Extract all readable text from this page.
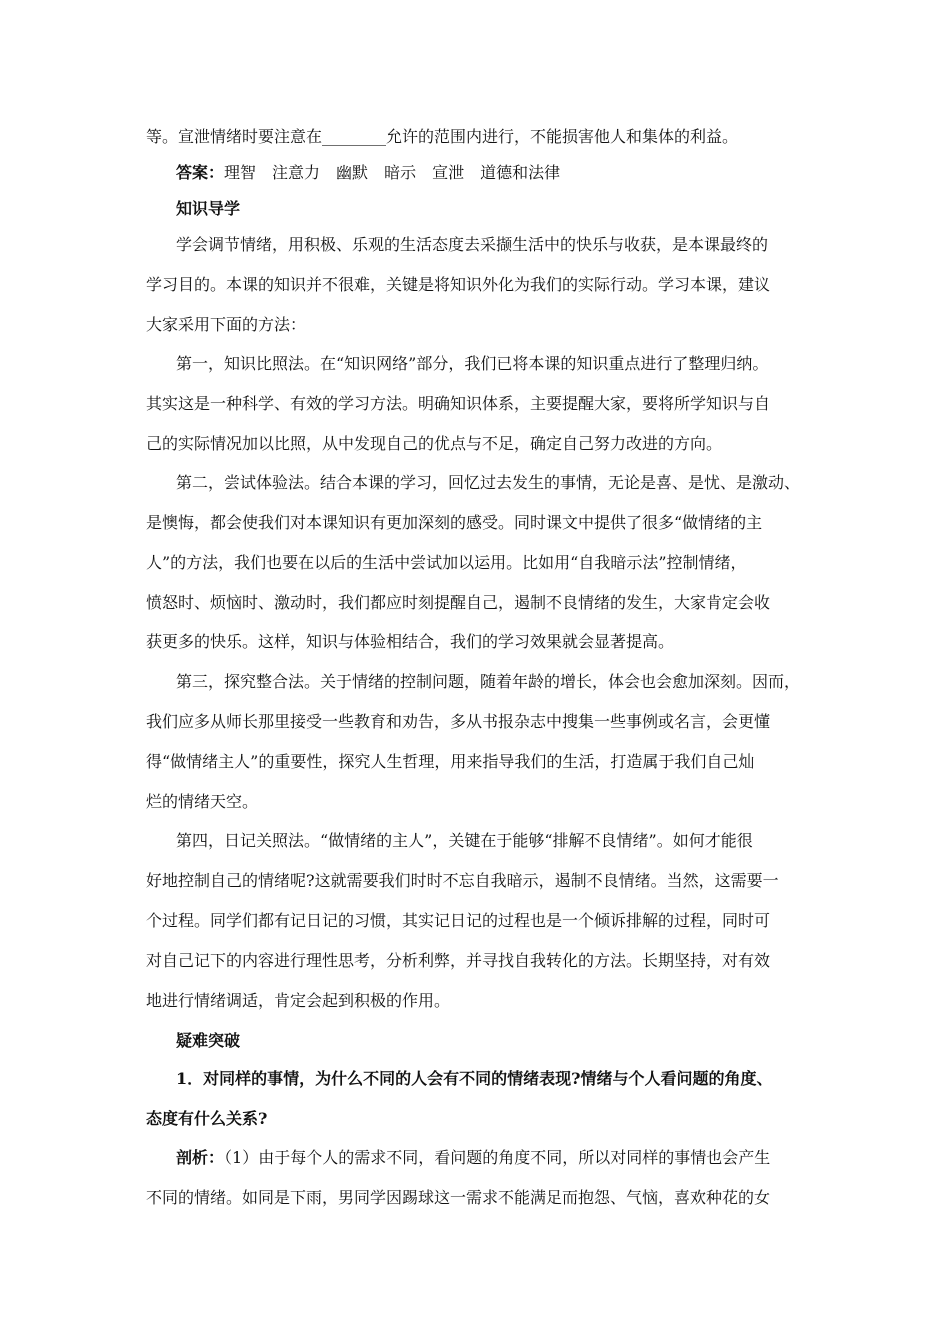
等。宣泄情绪时要注意在________允许的范围内进行，不能损害他人和集体的利益。
答案：理智 注意力 幽默 暗示 宣泄 道德和法律
知识导学
学会调节情绪，用积极、乐观的生活态度去采撷生活中的快乐与收获，是本课最终的
学习目的。本课的知识并不很难，关键是将知识外化为我们的实际行动。学习本课，建议
大家采用下面的方法：
第一，知识比照法。在“知识网络”部分，我们已将本课的知识重点进行了整理归纳。
其实这是一种科学、有效的学习方法。明确知识体系，主要提醒大家，要将所学知识与自
己的实际情况加以比照，从中发现自己的优点与不足，确定自己努力改进的方向。
第二，尝试体验法。结合本课的学习，回忆过去发生的事情，无论是喜、是忧、是激动、
是懊悔，都会使我们对本课知识有更加深刻的感受。同时课文中提供了很多“做情绪的主
人”的方法，我们也要在以后的生活中尝试加以运用。比如用“自我暗示法”控制情绪，
愤怒时、烦恼时、激动时，我们都应时刻提醒自己，遏制不良情绪的发生，大家肯定会收
获更多的快乐。这样，知识与体验相结合，我们的学习效果就会显著提高。
第三，探究整合法。关于情绪的控制问题，随着年龄的增长，体会也会愈加深刻。因而，
我们应多从师长那里接受一些教育和劝告，多从书报杂志中搜集一些事例或名言，会更懂
得“做情绪主人”的重要性，探究人生哲理，用来指导我们的生活，打造属于我们自己灿
烂的情绪天空。
第四，日记关照法。“做情绪的主人”，关键在于能够“排解不良情绪”。如何才能很
好地控制自己的情绪呢?这就需要我们时时不忘自我暗示，遏制不良情绪。当然，这需要一
个过程。同学们都有记日记的习惯，其实记日记的过程也是一个倾诉排解的过程，同时可
对自己记下的内容进行理性思考，分析利弊，并寻找自我转化的方法。长期坚持，对有效
地进行情绪调适，肯定会起到积极的作用。
疑难突破
1．对同样的事情，为什么不同的人会有不同的情绪表现?情绪与个人看问题的角度、
态度有什么关系?
剖析：（1）由于每个人的需求不同，看问题的角度不同，所以对同样的事情也会产生
不同的情绪。如同是下雨，男同学因踢球这一需求不能满足而抱怨、气恼，喜欢种花的女
